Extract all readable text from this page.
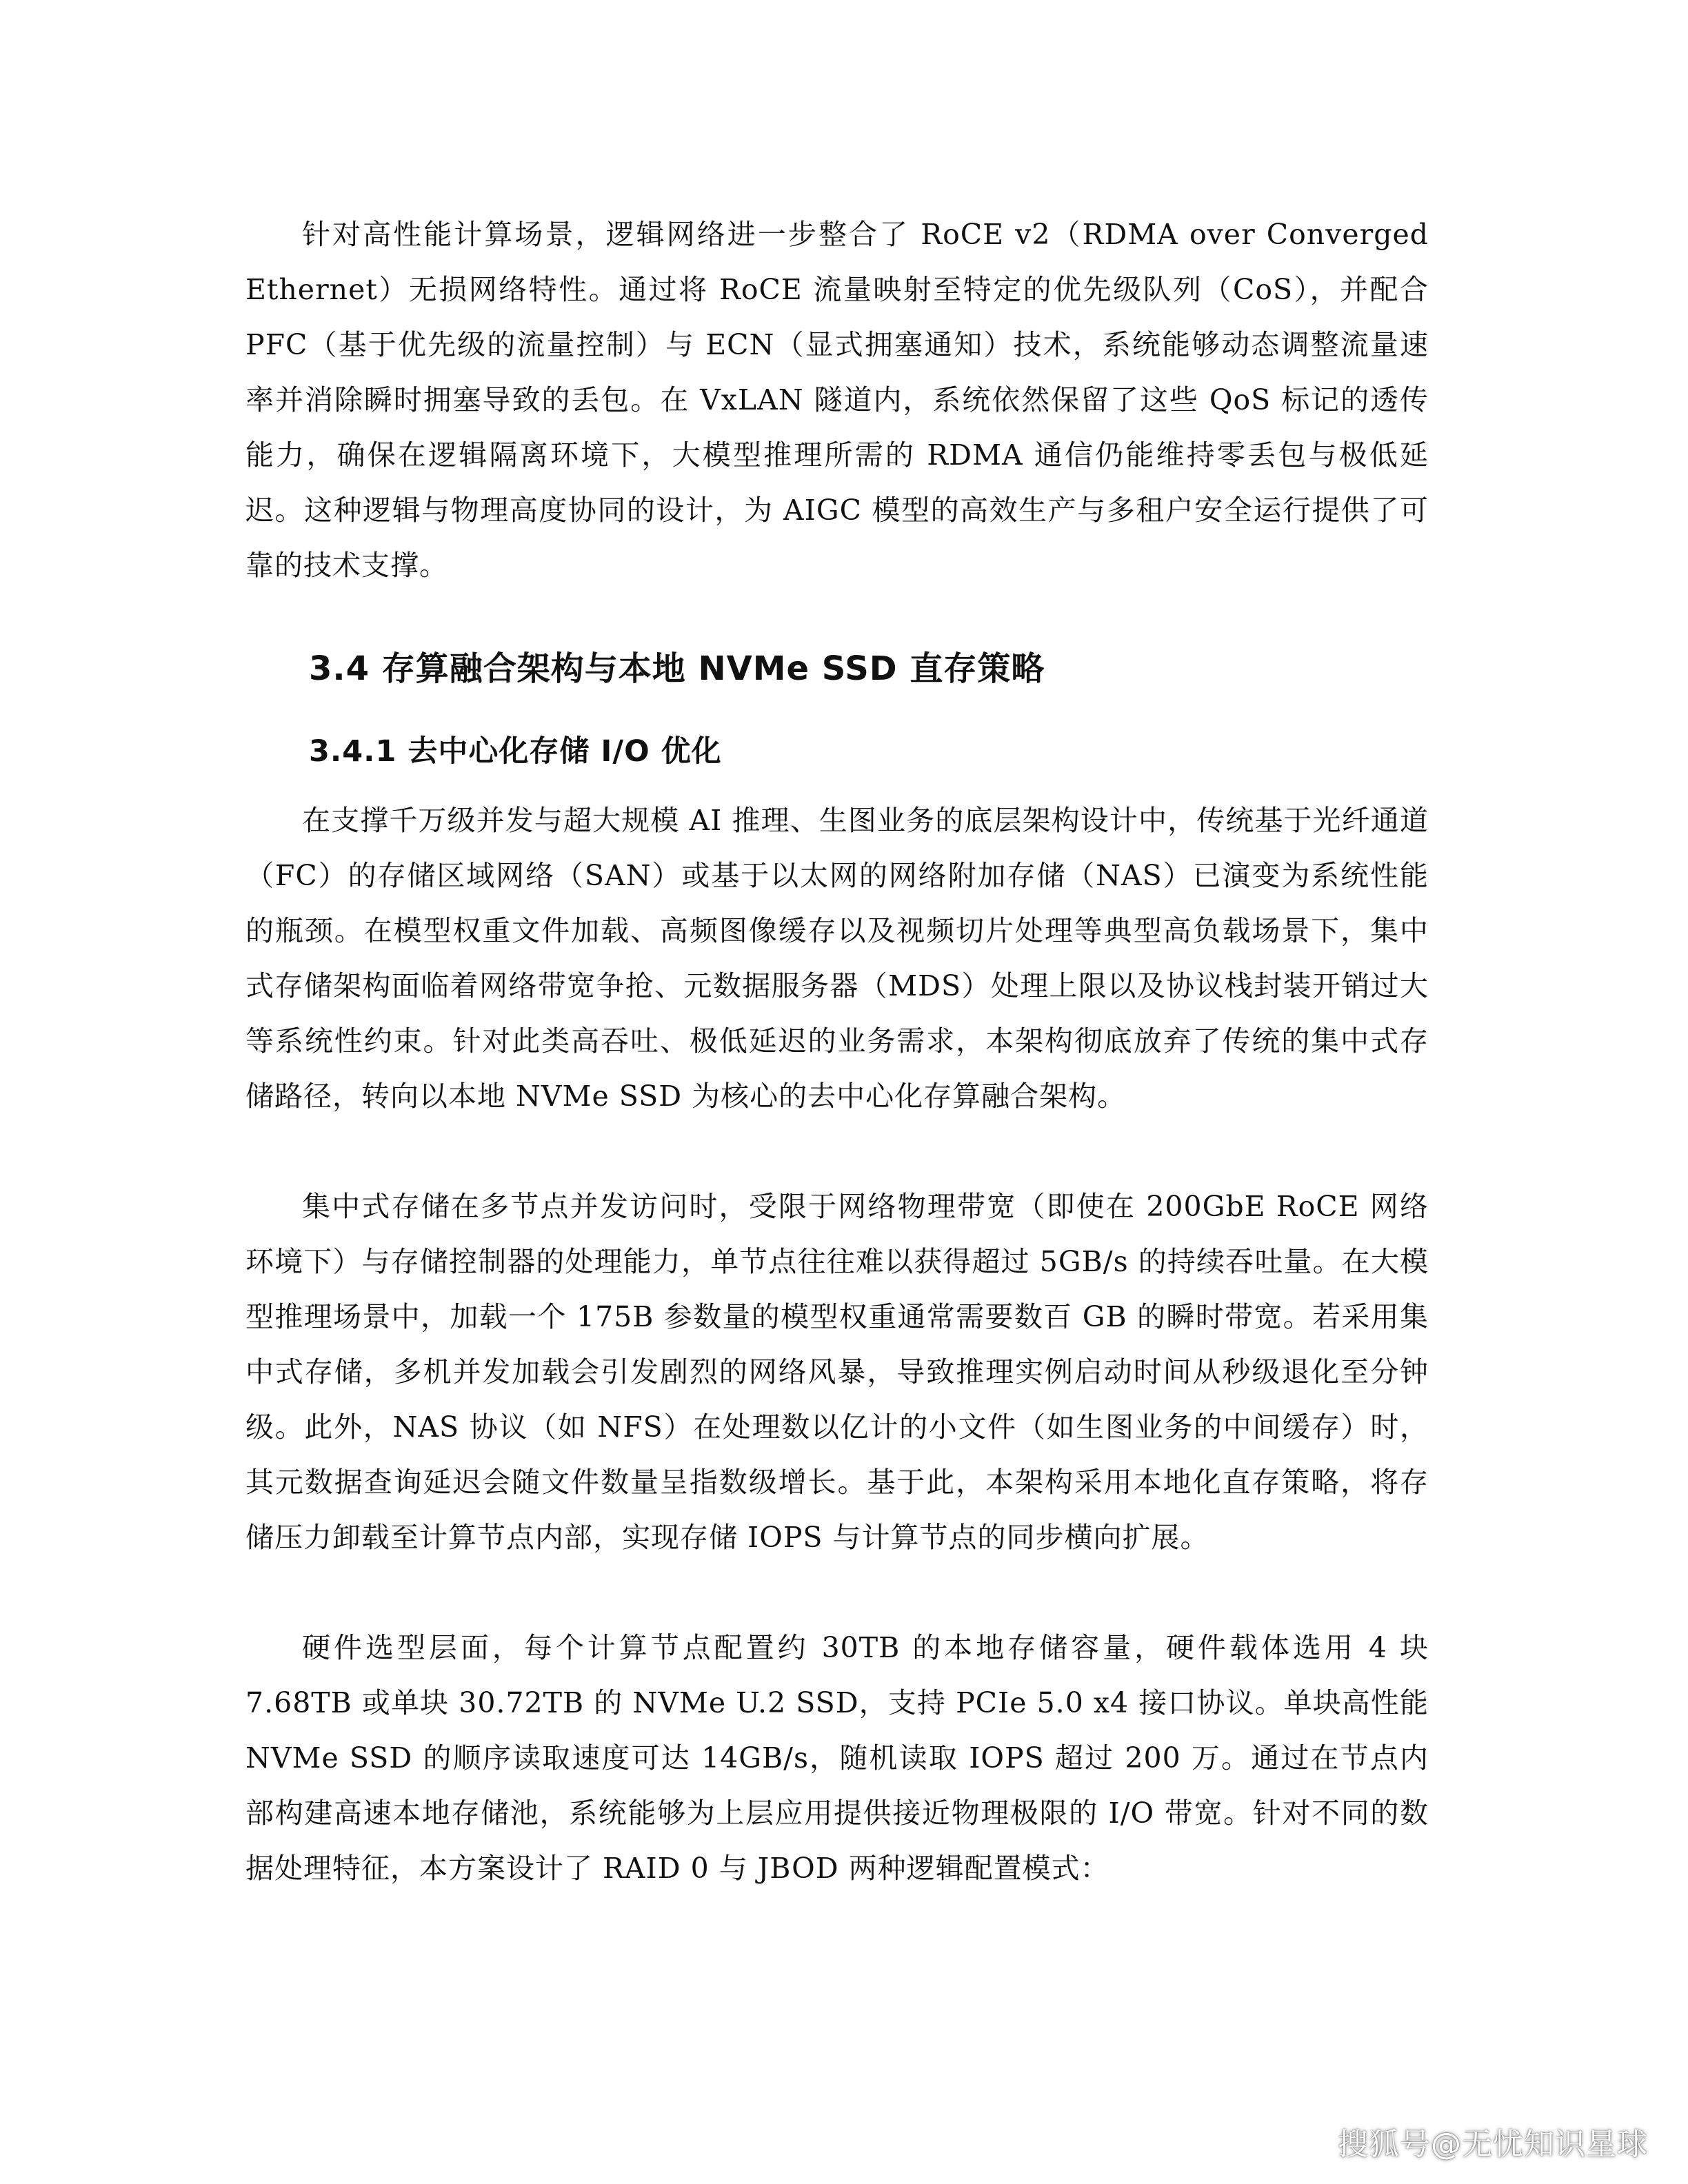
针对高性能计算场景，逻辑网络进一步整合了 RoCE v2（RDMA over Converged Ethernet）无损网络特性。通过将 RoCE 流量映射至特定的优先级队列（CoS），并配合 PFC（基于优先级的流量控制）与 ECN（显式拥塞通知）技术，系统能够动态调整流量速率并消除瞬时拥塞导致的丢包。在 VxLAN 隧道内，系统依然保留了这些 QoS 标记的透传能力，确保在逻辑隔离环境下，大模型推理所需的 RDMA 通信仍能维持零丢包与极低延迟。这种逻辑与物理高度协同的设计，为 AIGC 模型的高效生产与多租户安全运行提供了可靠的技术支撑。

3.4 存算融合架构与本地 NVMe SSD 直存策略
3.4.1 去中心化存储 I/O 优化

在支撑千万级并发与超大规模 AI 推理、生图业务的底层架构设计中，传统基于光纤通道（FC）的存储区域网络（SAN）或基于以太网的网络附加存储（NAS）已演变为系统性能的瓶颈。在模型权重文件加载、高频图像缓存以及视频切片处理等典型高负载场景下，集中式存储架构面临着网络带宽争抢、元数据服务器（MDS）处理上限以及协议栈封装开销过大等系统性约束。针对此类高吞吐、极低延迟的业务需求，本架构彻底放弃了传统的集中式存储路径，转向以本地 NVMe SSD 为核心的去中心化存算融合架构。

集中式存储在多节点并发访问时，受限于网络物理带宽（即使在 200GbE RoCE 网络环境下）与存储控制器的处理能力，单节点往往难以获得超过 5GB/s 的持续吞吐量。在大模型推理场景中，加载一个 175B 参数量的模型权重通常需要数百 GB 的瞬时带宽。若采用集中式存储，多机并发加载会引发剧烈的网络风暴，导致推理实例启动时间从秒级退化至分钟级。此外，NAS 协议（如 NFS）在处理数以亿计的小文件（如生图业务的中间缓存）时，其元数据查询延迟会随文件数量呈指数级增长。基于此，本架构采用本地化直存策略，将存储压力卸载至计算节点内部，实现存储 IOPS 与计算节点的同步横向扩展。

硬件选型层面，每个计算节点配置约 30TB 的本地存储容量，硬件载体选用 4 块 7.68TB 或单块 30.72TB 的 NVMe U.2 SSD，支持 PCIe 5.0 x4 接口协议。单块高性能 NVMe SSD 的顺序读取速度可达 14GB/s，随机读取 IOPS 超过 200 万。通过在节点内部构建高速本地存储池，系统能够为上层应用提供接近物理极限的 I/O 带宽。针对不同的数据处理特征，本方案设计了 RAID 0 与 JBOD 两种逻辑配置模式：

搜狐号@无忧知识星球
